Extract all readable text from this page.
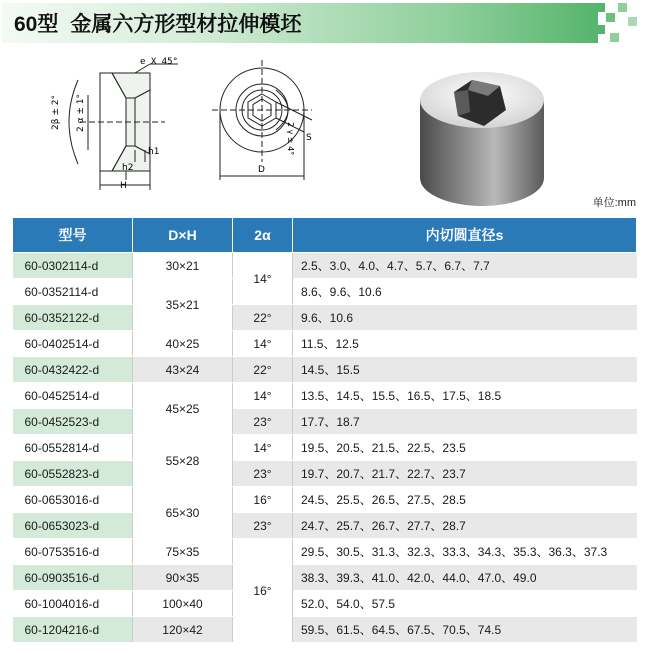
60型 金属六方形型材拉伸模坯
e X 45°
2β ± 2° 2 α ± 1°
h2
h1
H
2 γ ± 4° S
D
单位:mm
型号	D×H	2α	内切圆直径s
60-0302114-d	30×21	14°	2.5、3.0、4.0、4.7、5.7、6.7、7.7
60-0352114-d	35×21		8.6、9.6、10.6
60-0352122-d		22°	9.6、10.6
60-0402514-d	40×25	14°	11.5、12.5
60-0432422-d	43×24	22°	14.5、15.5
60-0452514-d	45×25	14°	13.5、14.5、15.5、16.5、17.5、18.5
60-0452523-d		23°	17.7、18.7
60-0552814-d	55×28	14°	19.5、20.5、21.5、22.5、23.5
60-0552823-d		23°	19.7、20.7、21.7、22.7、23.7
60-0653016-d	65×30	16°	24.5、25.5、26.5、27.5、28.5
60-0653023-d		23°	24.7、25.7、26.7、27.7、28.7
60-0753516-d	75×35	16°	29.5、30.5、31.3、32.3、33.3、34.3、35.3、36.3、37.3
60-0903516-d	90×35		38.3、39.3、41.0、42.0、44.0、47.0、49.0
60-1004016-d	100×40		52.0、54.0、57.5
60-1204216-d	120×42		59.5、61.5、64.5、67.5、70.5、74.5
